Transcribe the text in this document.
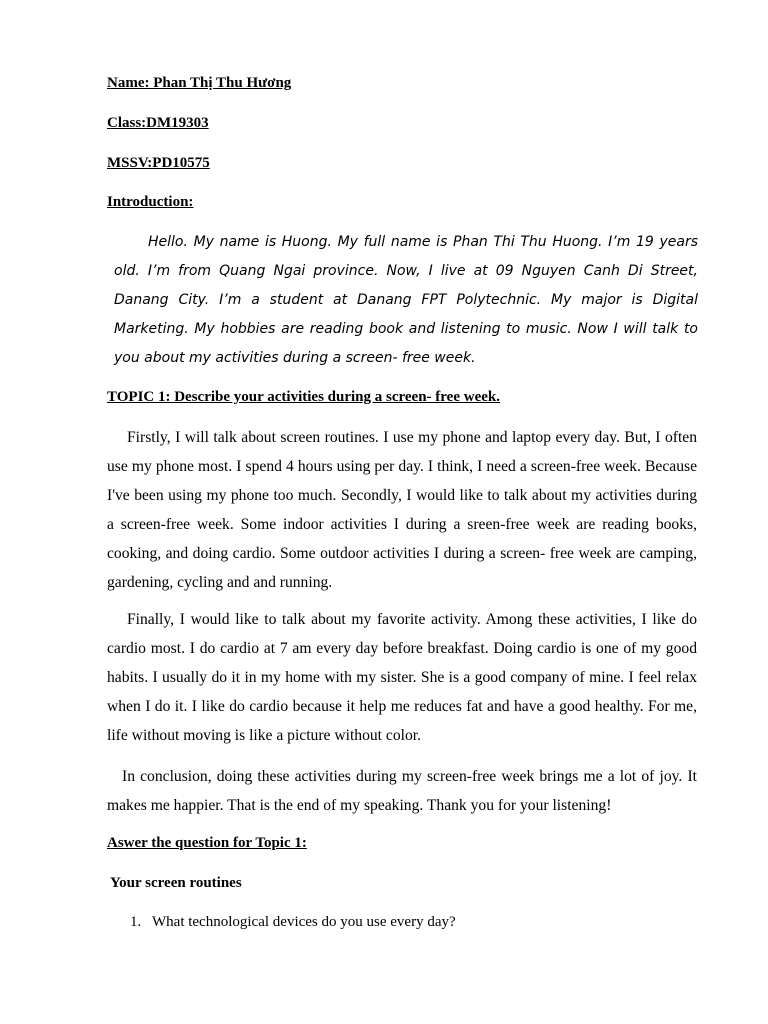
Name: Phan Thị Thu Hương
Class:DM19303
MSSV:PD10575
Introduction:

Hello. My name is Huong. My full name is Phan Thi Thu Huong. I’m 19 years old. I’m from Quang Ngai province. Now, I live at 09 Nguyen Canh Di Street, Danang City. I’m a student at Danang FPT Polytechnic. My major is Digital Marketing. My hobbies are reading book and listening to music. Now I will talk to you about my activities during a screen- free week.

TOPIC 1: Describe your activities during a screen- free week.

Firstly, I will talk about screen routines. I use my phone and laptop every day. But, I often use my phone most. I spend 4 hours using per day. I think, I need a screen-free week. Because I've been using my phone too much. Secondly, I would like to talk about my activities during a screen-free week. Some indoor activities I during a sreen-free week are reading books, cooking, and doing cardio. Some outdoor activities I during a screen- free week are camping, gardening, cycling and and running.

Finally, I would like to talk about my favorite activity. Among these activities, I like do cardio most. I do cardio at 7 am every day before breakfast. Doing cardio is one of my good habits. I usually do it in my home with my sister. She is a good company of mine. I feel relax when I do it. I like do cardio because it help me reduces fat and have a good healthy. For me, life without moving is like a picture without color.

In conclusion, doing these activities during my screen-free week brings me a lot of joy. It makes me happier. That is the end of my speaking. Thank you for your listening!

Aswer the question for Topic 1:
Your screen routines
1. What technological devices do you use every day?
